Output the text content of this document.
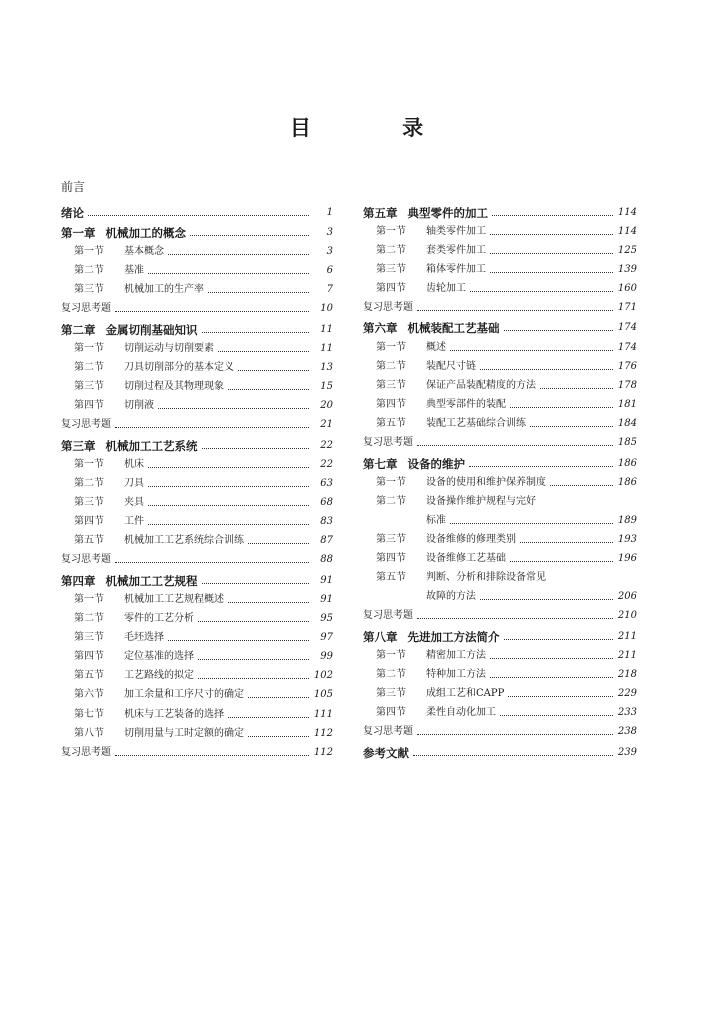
目 录
前言
绪论	1
第一章 机械加工的概念	3
第一节 基本概念	3
第二节 基准	6
第三节 机械加工的生产率	7
复习思考题	10
第二章 金属切削基础知识	11
第一节 切削运动与切削要素	11
第二节 刀具切削部分的基本定义	13
第三节 切削过程及其物理现象	15
第四节 切削液	20
复习思考题	21
第三章 机械加工工艺系统	22
第一节 机床	22
第二节 刀具	63
第三节 夹具	68
第四节 工件	83
第五节 机械加工工艺系统综合训练	87
复习思考题	88
第四章 机械加工工艺规程	91
第一节 机械加工工艺规程概述	91
第二节 零件的工艺分析	95
第三节 毛坯选择	97
第四节 定位基准的选择	99
第五节 工艺路线的拟定	102
第六节 加工余量和工序尺寸的确定	105
第七节 机床与工艺装备的选择	111
第八节 切削用量与工时定额的确定	112
复习思考题	112
第五章 典型零件的加工	114
第一节 轴类零件加工	114
第二节 套类零件加工	125
第三节 箱体零件加工	139
第四节 齿轮加工	160
复习思考题	171
第六章 机械装配工艺基础	174
第一节 概述	174
第二节 装配尺寸链	176
第三节 保证产品装配精度的方法	178
第四节 典型零部件的装配	181
第五节 装配工艺基础综合训练	184
复习思考题	185
第七章 设备的维护	186
第一节 设备的使用和维护保养制度	186
第二节 设备操作维护规程与完好
标准	189
第三节 设备维修的修理类别	193
第四节 设备维修工艺基础	196
第五节 判断、分析和排除设备常见
故障的方法	206
复习思考题	210
第八章 先进加工方法简介	211
第一节 精密加工方法	211
第二节 特种加工方法	218
第三节 成组工艺和CAPP	229
第四节 柔性自动化加工	233
复习思考题	238
参考文献	239
